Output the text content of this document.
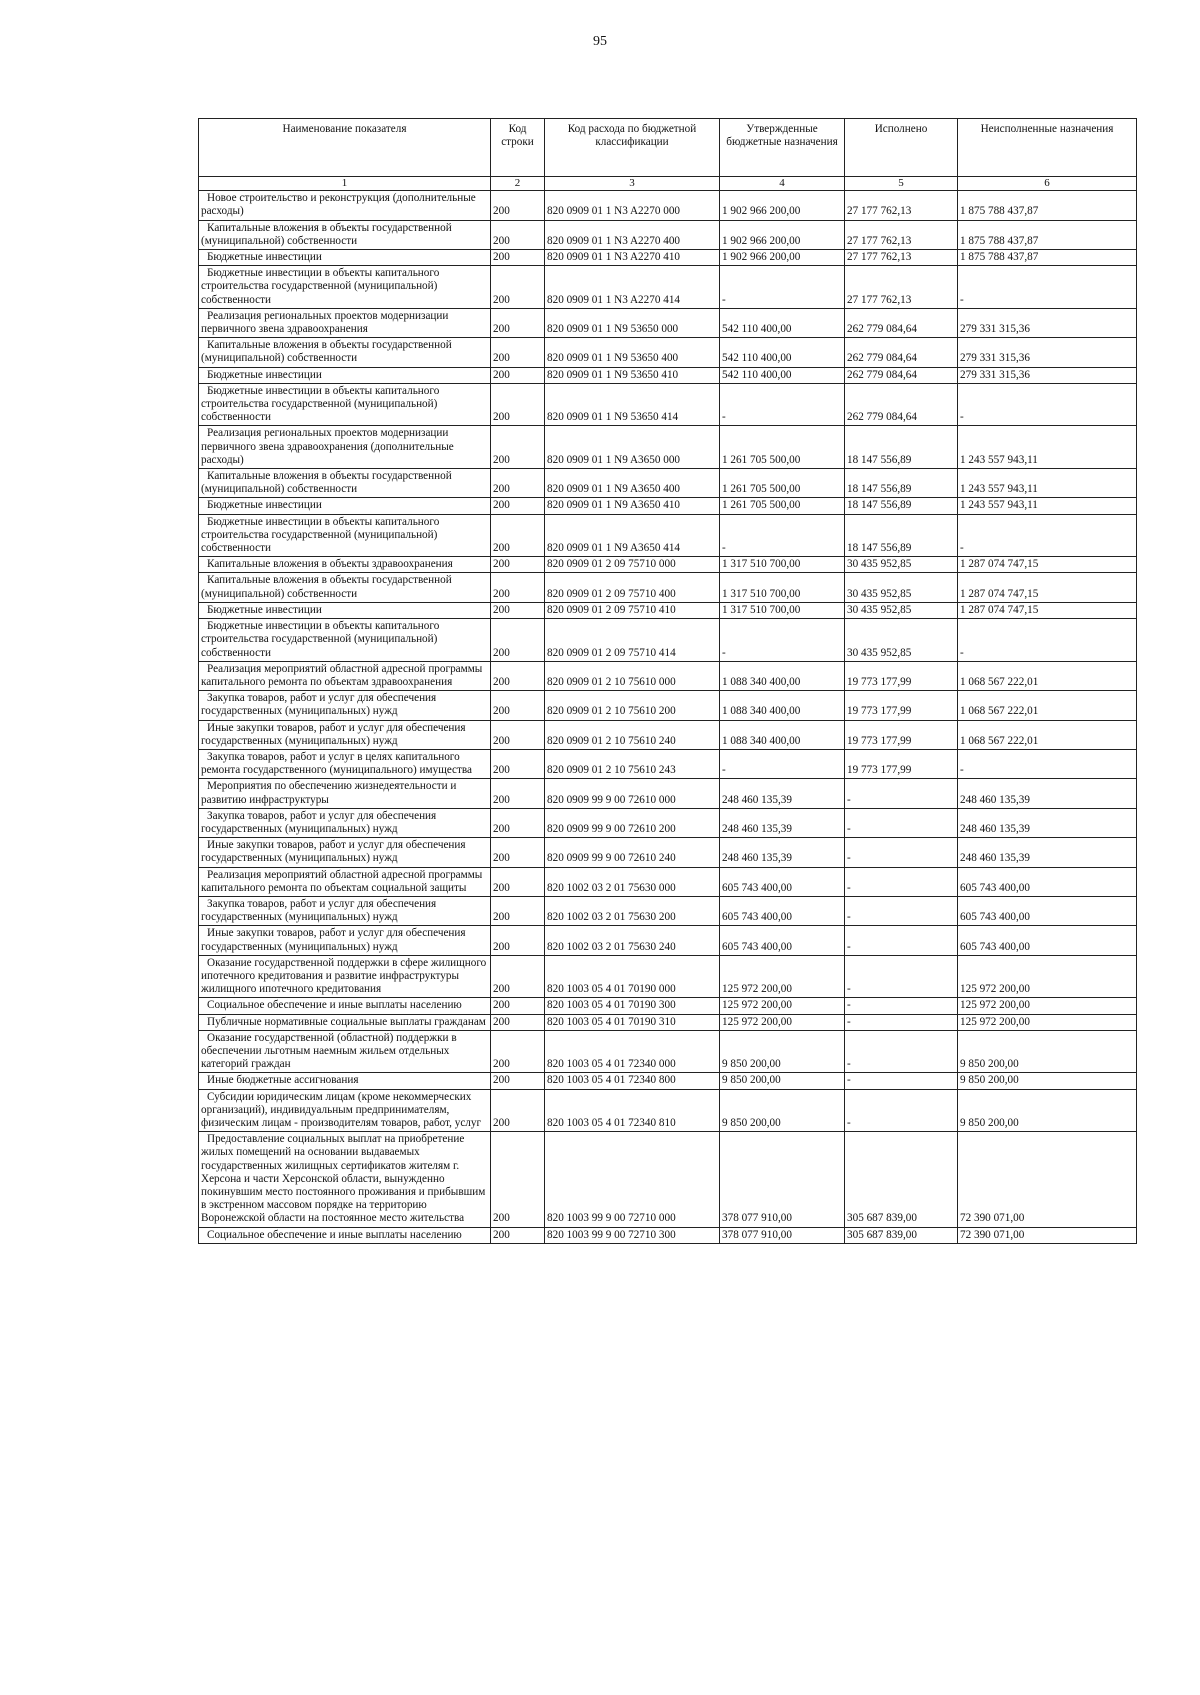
95
Наименование показателя	Код строки	Код расхода по бюджетной классификации	Утвержденные бюджетные назначения	Исполнено	Неисполненные назначения
1	2	3	4	5	6
Новое строительство и реконструкция (дополнительные расходы)	200	820 0909 01 1 N3 A2270 000	1 902 966 200,00	27 177 762,13	1 875 788 437,87
Капитальные вложения в объекты государственной (муниципальной) собственности	200	820 0909 01 1 N3 A2270 400	1 902 966 200,00	27 177 762,13	1 875 788 437,87
Бюджетные инвестиции	200	820 0909 01 1 N3 A2270 410	1 902 966 200,00	27 177 762,13	1 875 788 437,87
Бюджетные инвестиции в объекты капитального строительства государственной (муниципальной) собственности	200	820 0909 01 1 N3 A2270 414	-	27 177 762,13	-
Реализация региональных проектов модернизации первичного звена здравоохранения	200	820 0909 01 1 N9 53650 000	542 110 400,00	262 779 084,64	279 331 315,36
Капитальные вложения в объекты государственной (муниципальной) собственности	200	820 0909 01 1 N9 53650 400	542 110 400,00	262 779 084,64	279 331 315,36
Бюджетные инвестиции	200	820 0909 01 1 N9 53650 410	542 110 400,00	262 779 084,64	279 331 315,36
Бюджетные инвестиции в объекты капитального строительства государственной (муниципальной) собственности	200	820 0909 01 1 N9 53650 414	-	262 779 084,64	-
Реализация региональных проектов модернизации первичного звена здравоохранения (дополнительные расходы)	200	820 0909 01 1 N9 A3650 000	1 261 705 500,00	18 147 556,89	1 243 557 943,11
Капитальные вложения в объекты государственной (муниципальной) собственности	200	820 0909 01 1 N9 A3650 400	1 261 705 500,00	18 147 556,89	1 243 557 943,11
Бюджетные инвестиции	200	820 0909 01 1 N9 A3650 410	1 261 705 500,00	18 147 556,89	1 243 557 943,11
Бюджетные инвестиции в объекты капитального строительства государственной (муниципальной) собственности	200	820 0909 01 1 N9 A3650 414	-	18 147 556,89	-
Капитальные вложения в объекты здравоохранения	200	820 0909 01 2 09 75710 000	1 317 510 700,00	30 435 952,85	1 287 074 747,15
Капитальные вложения в объекты государственной (муниципальной) собственности	200	820 0909 01 2 09 75710 400	1 317 510 700,00	30 435 952,85	1 287 074 747,15
Бюджетные инвестиции	200	820 0909 01 2 09 75710 410	1 317 510 700,00	30 435 952,85	1 287 074 747,15
Бюджетные инвестиции в объекты капитального строительства государственной (муниципальной) собственности	200	820 0909 01 2 09 75710 414	-	30 435 952,85	-
Реализация мероприятий областной адресной программы капитального ремонта по объектам здравоохранения	200	820 0909 01 2 10 75610 000	1 088 340 400,00	19 773 177,99	1 068 567 222,01
Закупка товаров, работ и услуг для обеспечения государственных (муниципальных) нужд	200	820 0909 01 2 10 75610 200	1 088 340 400,00	19 773 177,99	1 068 567 222,01
Иные закупки товаров, работ и услуг для обеспечения государственных (муниципальных) нужд	200	820 0909 01 2 10 75610 240	1 088 340 400,00	19 773 177,99	1 068 567 222,01
Закупка товаров, работ и услуг в целях капитального ремонта государственного (муниципального) имущества	200	820 0909 01 2 10 75610 243	-	19 773 177,99	-
Мероприятия по обеспечению жизнедеятельности и развитию инфраструктуры	200	820 0909 99 9 00 72610 000	248 460 135,39	-	248 460 135,39
Закупка товаров, работ и услуг для обеспечения государственных (муниципальных) нужд	200	820 0909 99 9 00 72610 200	248 460 135,39	-	248 460 135,39
Иные закупки товаров, работ и услуг для обеспечения государственных (муниципальных) нужд	200	820 0909 99 9 00 72610 240	248 460 135,39	-	248 460 135,39
Реализация мероприятий областной адресной программы капитального ремонта по объектам социальной защиты	200	820 1002 03 2 01 75630 000	605 743 400,00	-	605 743 400,00
Закупка товаров, работ и услуг для обеспечения государственных (муниципальных) нужд	200	820 1002 03 2 01 75630 200	605 743 400,00	-	605 743 400,00
Иные закупки товаров, работ и услуг для обеспечения государственных (муниципальных) нужд	200	820 1002 03 2 01 75630 240	605 743 400,00	-	605 743 400,00
Оказание государственной поддержки в сфере жилищного ипотечного кредитования и развитие инфраструктуры жилищного ипотечного кредитования	200	820 1003 05 4 01 70190 000	125 972 200,00	-	125 972 200,00
Социальное обеспечение и иные выплаты населению	200	820 1003 05 4 01 70190 300	125 972 200,00	-	125 972 200,00
Публичные нормативные социальные выплаты гражданам	200	820 1003 05 4 01 70190 310	125 972 200,00	-	125 972 200,00
Оказание государственной (областной) поддержки в обеспечении льготным наемным жильем отдельных категорий граждан	200	820 1003 05 4 01 72340 000	9 850 200,00	-	9 850 200,00
Иные бюджетные ассигнования	200	820 1003 05 4 01 72340 800	9 850 200,00	-	9 850 200,00
Субсидии юридическим лицам (кроме некоммерческих организаций), индивидуальным предпринимателям, физическим лицам - производителям товаров, работ, услуг	200	820 1003 05 4 01 72340 810	9 850 200,00	-	9 850 200,00
Предоставление социальных выплат на приобретение жилых помещений на основании выдаваемых государственных жилищных сертификатов жителям г. Херсона и части Херсонской области, вынужденно покинувшим место постоянного проживания и прибывшим в экстренном массовом порядке на территорию Воронежской области на постоянное место жительства	200	820 1003 99 9 00 72710 000	378 077 910,00	305 687 839,00	72 390 071,00
Социальное обеспечение и иные выплаты населению	200	820 1003 99 9 00 72710 300	378 077 910,00	305 687 839,00	72 390 071,00
